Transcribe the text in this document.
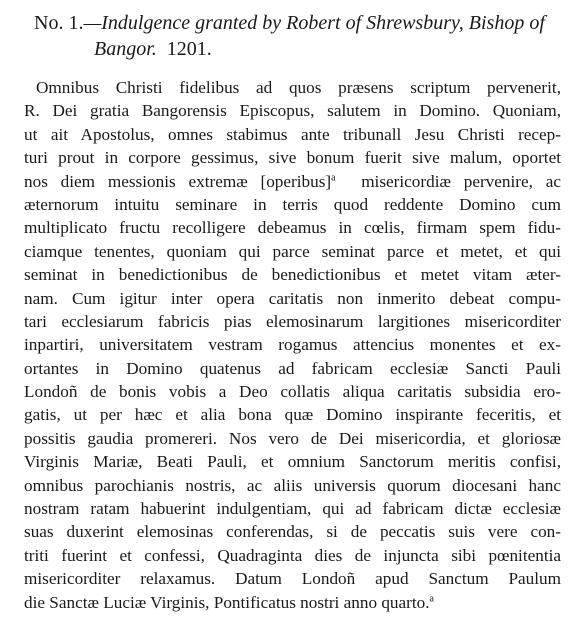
No. 1.—Indulgence granted by Robert of Shrewsbury, Bishop of
Bangor. 1201.
Omnibus Christi fidelibus ad quos præsens scriptum pervenerit,
R. Dei gratia Bangorensis Episcopus, salutem in Domino. Quoniam,
ut ait Apostolus, omnes stabimus ante tribunall Jesu Christi recep-
turi prout in corpore gessimus, sive bonum fuerit sive malum, oportet
nos diem messionis extremæ [operibus]$^a$ misericordiæ pervenire, ac
æternorum intuitu seminare in terris quod reddente Domino cum
multiplicato fructu recolligere debeamus in cœlis, firmam spem fidu-
ciamque tenentes, quoniam qui parce seminat parce et metet, et qui
seminat in benedictionibus de benedictionibus et metet vitam æter-
nam. Cum igitur inter opera caritatis non inmerito debeat compu-
tari ecclesiarum fabricis pias elemosinarum largitiones misericorditer
inpartiri, universitatem vestram rogamus attencius monentes et ex-
ortantes in Domino quatenus ad fabricam ecclesiæ Sancti Pauli
Londoñ de bonis vobis a Deo collatis aliqua caritatis subsidia ero-
gatis, ut per hæc et alia bona quæ Domino inspirante feceritis, et
possitis gaudia promereri. Nos vero de Dei misericordia, et gloriosæ
Virginis Mariæ, Beati Pauli, et omnium Sanctorum meritis confisi,
omnibus parochianis nostris, ac aliis universis quorum diocesani hanc
nostram ratam habuerint indulgentiam, qui ad fabricam dictæ ecclesiæ
suas duxerint elemosinas conferendas, si de peccatis suis vere con-
triti fuerint et confessi, Quadraginta dies de injuncta sibi pœnitentia
misericorditer relaxamus. Datum Londoñ apud Sanctum Paulum
die Sanctæ Luciæ Virginis, Pontificatus nostri anno quarto.$^a$
